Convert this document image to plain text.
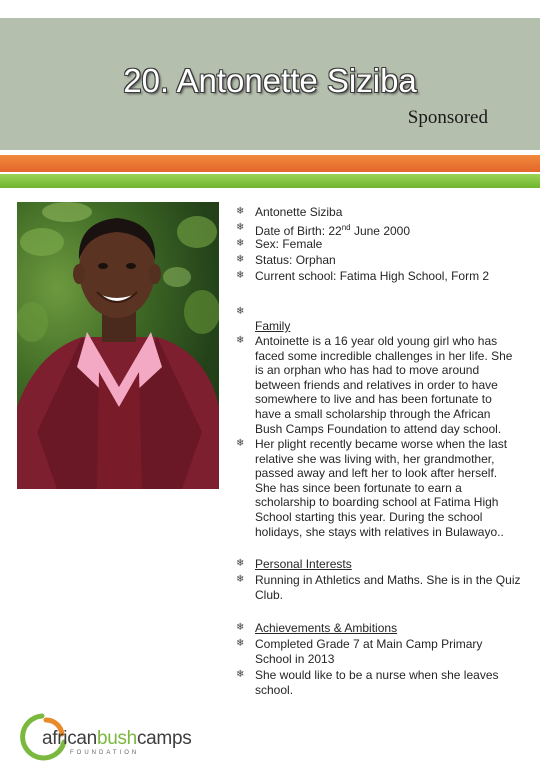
20. Antonette Siziba
Sponsored
❄ Antonette Siziba
❄ Date of Birth: 22nd June 2000
❄ Sex: Female
❄ Status: Orphan
❄ Current school: Fatima High School, Form 2
❄
Family
❄ Antoinette is a 16 year old young girl who has faced some incredible challenges in her life. She is an orphan who has had to move around between friends and relatives in order to have somewhere to live and has been fortunate to have a small scholarship through the African Bush Camps Foundation to attend day school.
❄ Her plight recently became worse when the last relative she was living with, her grandmother, passed away and left her to look after herself. She has since been fortunate to earn a scholarship to boarding school at Fatima High School starting this year. During the school holidays, she stays with relatives in Bulawayo..
❄ Personal Interests
❄ Running in Athletics and Maths. She is in the Quiz Club.
❄ Achievements & Ambitions
❄ Completed Grade 7 at Main Camp Primary School in 2013
❄ She would like to be a nurse when she leaves school.
africanbushcamps
FOUNDATION
